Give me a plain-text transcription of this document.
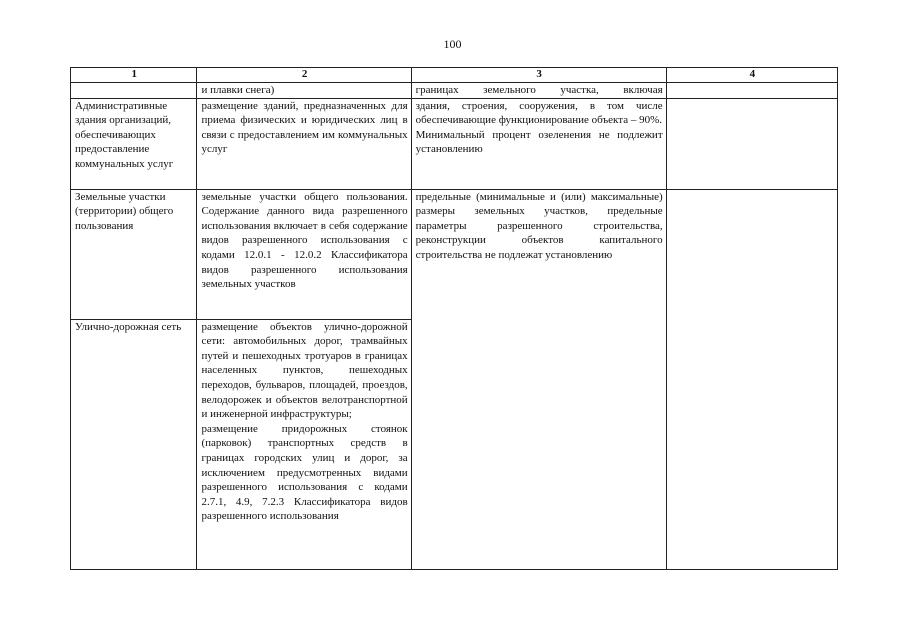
100
1	2	3	4
	и плавки снега)	границах земельного участка, включая	
Административные здания организаций, обеспечивающих предоставление коммунальных услуг	размещение зданий, предназначенных для приема физических и юридических лиц в связи с предоставлением им коммунальных услуг	здания, строения, сооружения, в том числе обеспечивающие функционирование объекта – 90%.
Минимальный процент озеленения не подлежит установлению	

Земельные участки (территории) общего пользования	земельные участки общего пользования. Содержание данного вида разрешенного использования включает в себя содержание видов разрешенного использования с кодами 12.0.1 - 12.0.2 Классификатора видов разрешенного использования земельных участков	предельные (минимальные и (или) максимальные) размеры земельных участков, предельные параметры разрешенного строительства, реконструкции объектов капитального строительства не подлежат установлению	

Улично-дорожная сеть	размещение объектов улично-дорожной сети: автомобильных дорог, трамвайных путей и пешеходных тротуаров в границах населенных пунктов, пешеходных переходов, бульваров, площадей, проездов, велодорожек и объектов велотранспортной и инженерной инфраструктуры;
размещение придорожных стоянок (парковок) транспортных средств в границах городских улиц и дорог, за исключением предусмотренных видами разрешенного использования с кодами 2.7.1, 4.9, 7.2.3 Классификатора видов разрешенного использования		
